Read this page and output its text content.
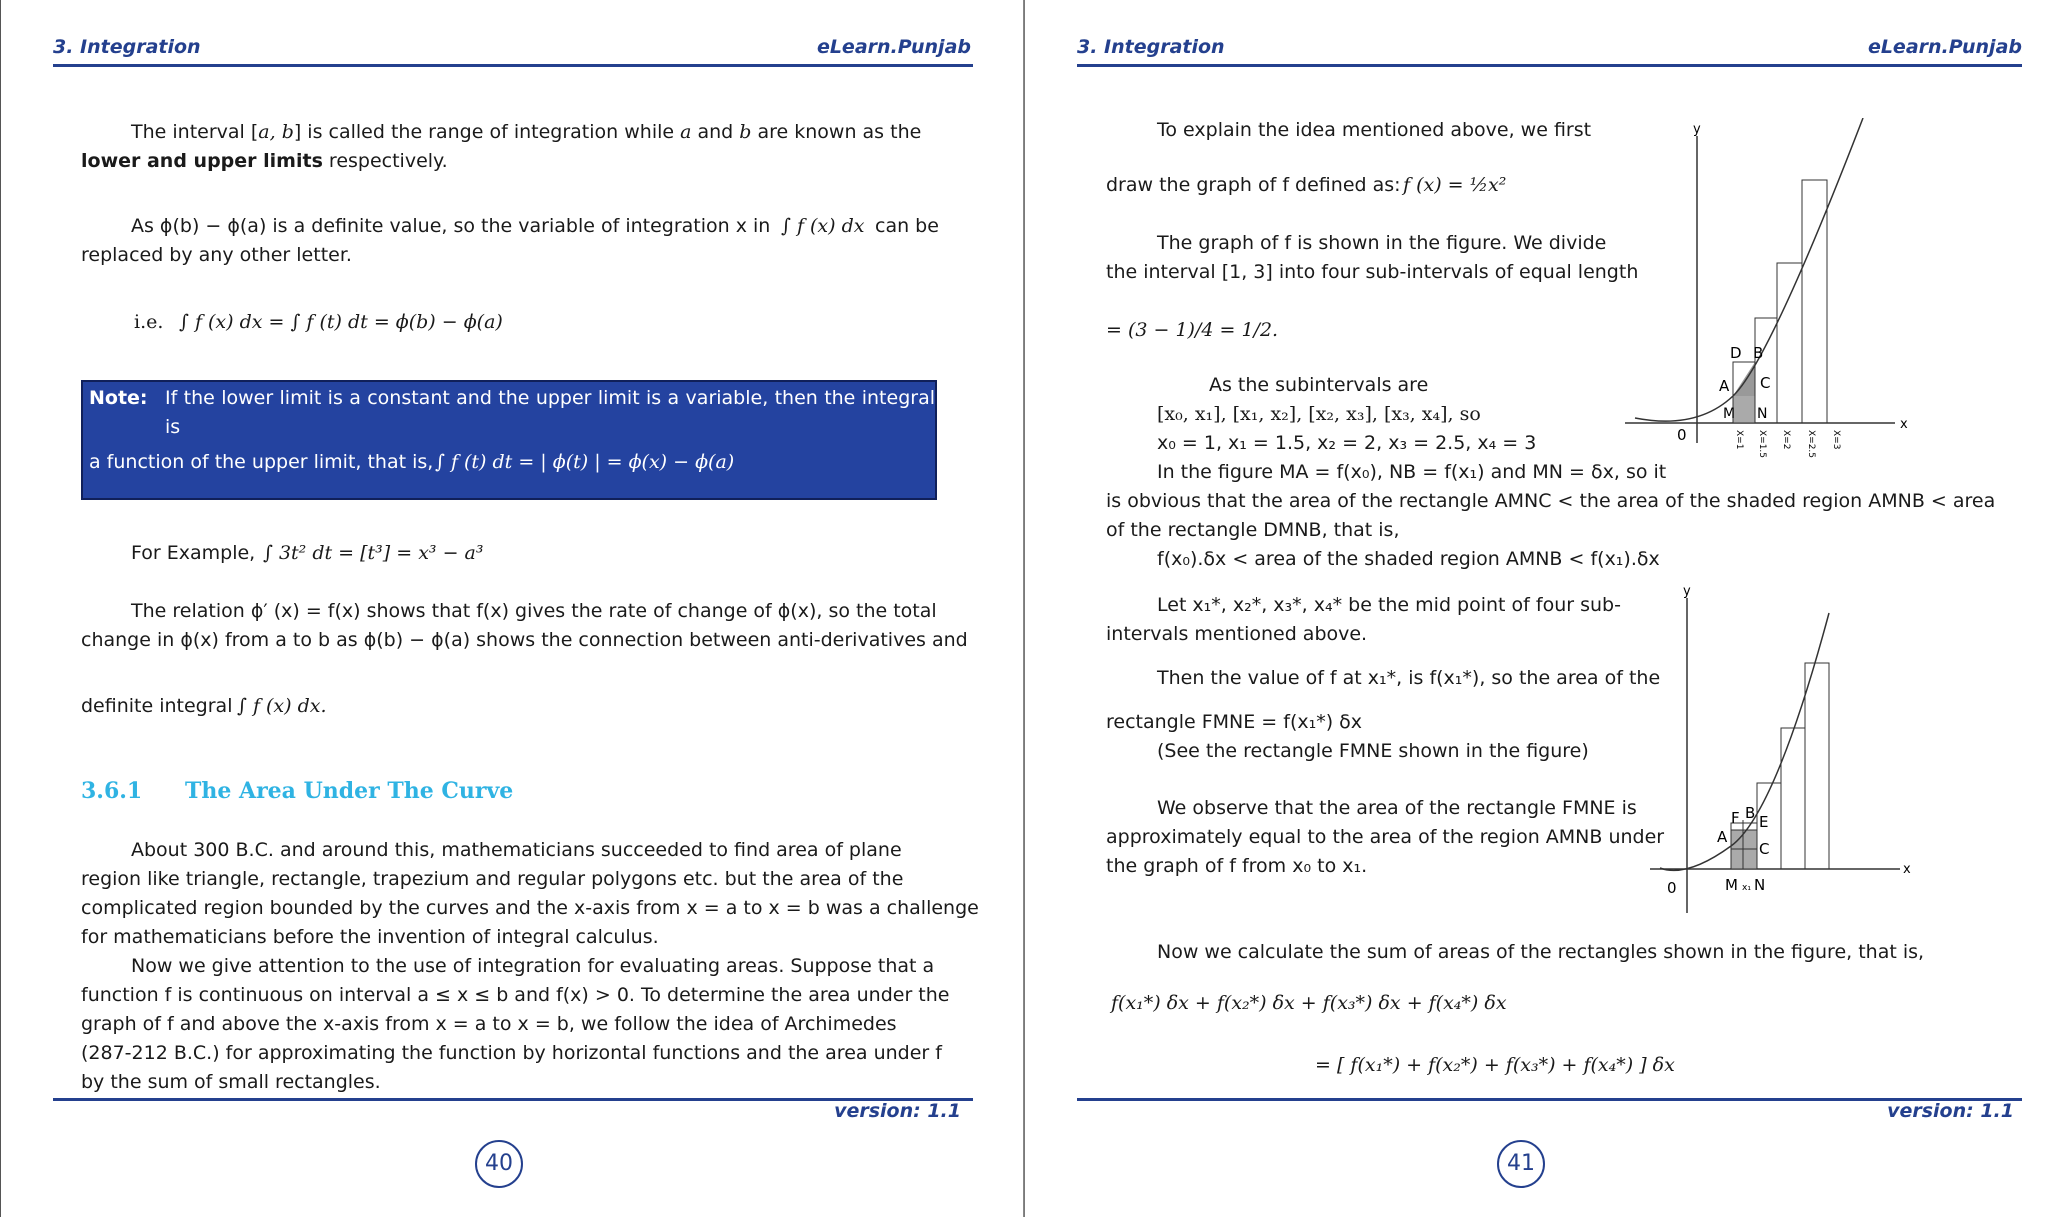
3. Integration	eLearn.Punjab
The interval [a, b] is called the range of integration while a and b are known as the
lower and upper limits respectively.
As ϕ(b) − ϕ(a) is a definite value, so the variable of integration x in ∫ f (x) dx can be
replaced by any other letter.
i.e. ∫ f (x) dx = ∫ f (t) dt = ϕ(b) − ϕ(a)
Note: If the lower limit is a constant and the upper limit is a variable, then the integral is
a function of the upper limit, that is, ∫ f (t) dt = | ϕ(t) | = ϕ(x) − ϕ(a)
For Example, ∫ 3t² dt = [t³] = x³ − a³
The relation ϕ′ (x) = f(x) shows that f(x) gives the rate of change of ϕ(x), so the total
change in ϕ(x) from a to b as ϕ(b) − ϕ(a) shows the connection between anti-derivatives and
definite integral ∫ f (x) dx.
3.6.1 The Area Under The Curve
About 300 B.C. and around this, mathematicians succeeded to find area of plane
region like triangle, rectangle, trapezium and regular polygons etc. but the area of the
complicated region bounded by the curves and the x-axis from x = a to x = b was a challenge
for mathematicians before the invention of integral calculus.
Now we give attention to the use of integration for evaluating areas. Suppose that a
function f is continuous on interval a ≤ x ≤ b and f(x) > 0. To determine the area under the
graph of f and above the x-axis from x = a to x = b, we follow the idea of Archimedes
(287-212 B.C.) for approximating the function by horizontal functions and the area under f
by the sum of small rectangles.
version: 1.1
40
3. Integration	eLearn.Punjab
To explain the idea mentioned above, we first
draw the graph of f defined as: f (x) = ½x²
The graph of f is shown in the figure. We divide
the interval [1, 3] into four sub-intervals of equal length
= (3 − 1)/4 = 1/2.
As the subintervals are
[x₀, x₁], [x₁, x₂], [x₂, x₃], [x₃, x₄], so
x₀ = 1, x₁ = 1.5, x₂ = 2, x₃ = 2.5, x₄ = 3
In the figure MA = f(x₀), NB = f(x₁) and MN = δx, so it
is obvious that the area of the rectangle AMNC < the area of the shaded region AMNB < area
of the rectangle DMNB, that is,
f(x₀).δx < area of the shaded region AMNB < f(x₁).δx
Let x₁*, x₂*, x₃*, x₄* be the mid point of four sub-
intervals mentioned above.
Then the value of f at x₁*, is f(x₁*), so the area of the
rectangle FMNE = f(x₁*) δx
(See the rectangle FMNE shown in the figure)
We observe that the area of the rectangle FMNE is
approximately equal to the area of the region AMNB under
the graph of f from x₀ to x₁.
Now we calculate the sum of areas of the rectangles shown in the figure, that is,
f(x₁*) δx + f(x₂*) δx + f(x₃*) δx + f(x₄*) δx
= [ f(x₁*) + f(x₂*) + f(x₃*) + f(x₄*) ] δx
y
x
0
D B
A C
M N
X=1 X=1.5 X=2 X=2.5 X=3
y
x
0
F B E
A
C
M x₁ N
version: 1.1
41
